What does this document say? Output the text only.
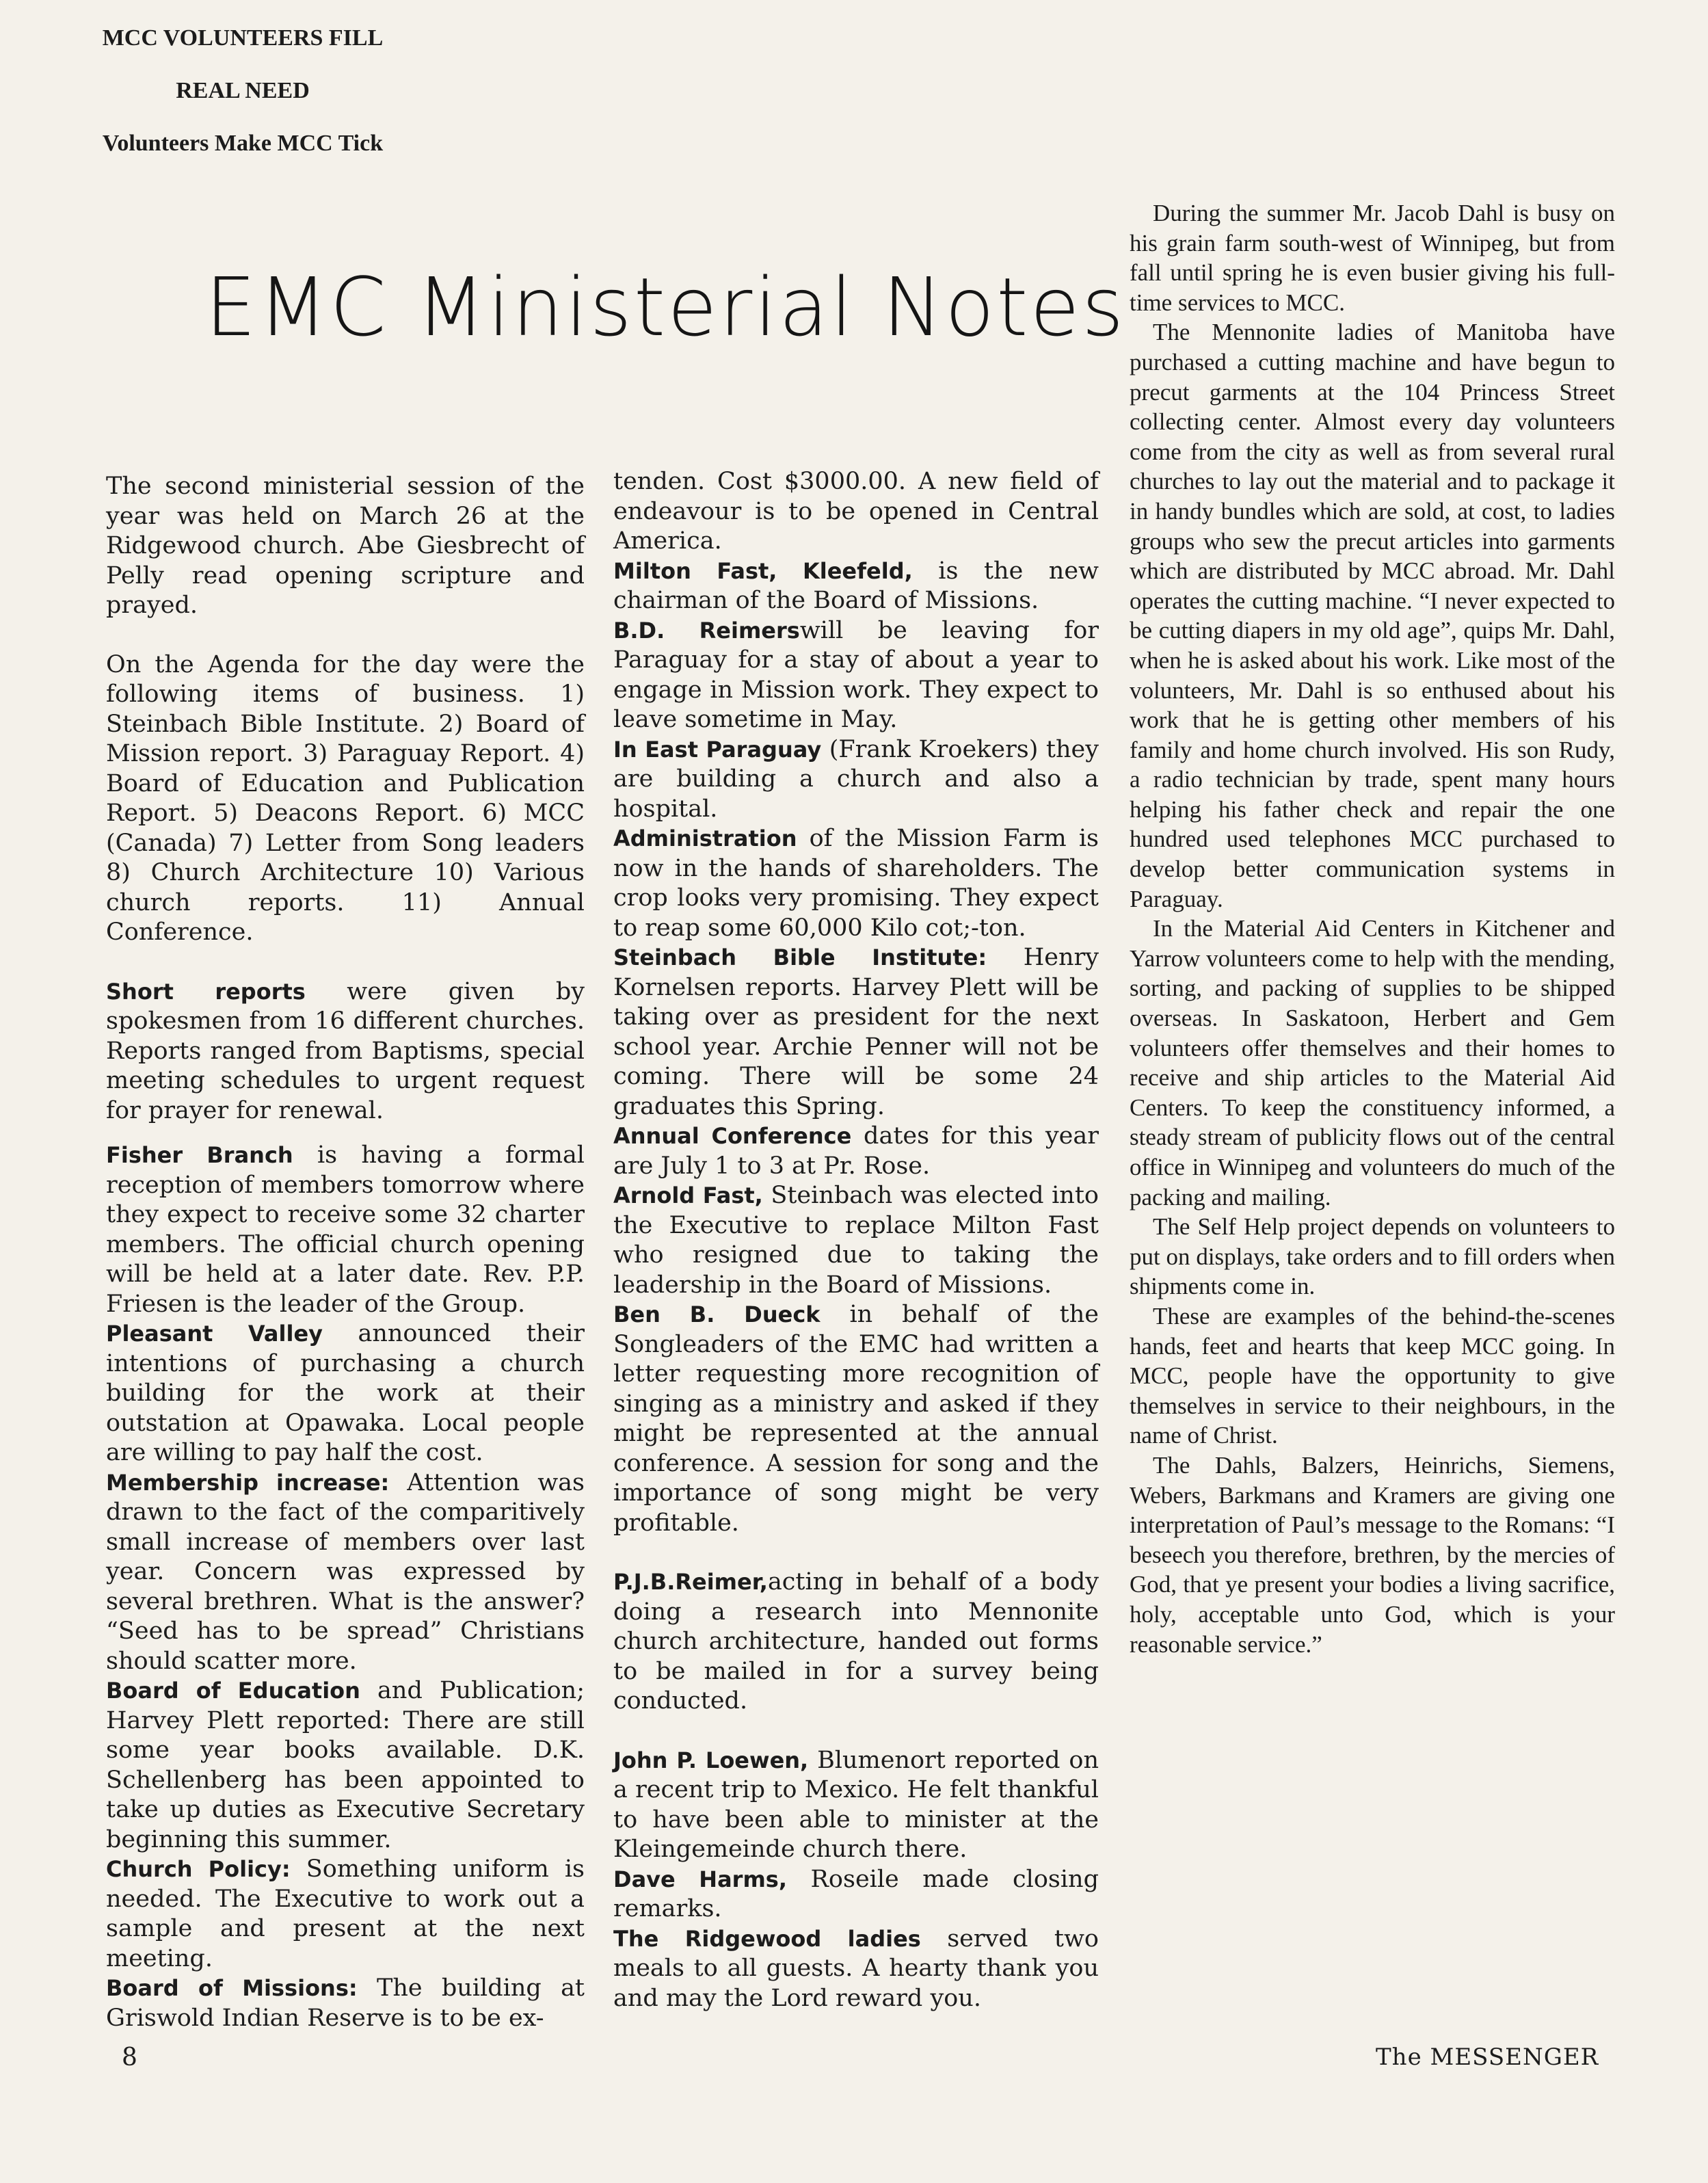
EMC Ministerial Notes

The second ministerial session of the year was held on March 26 at the Ridgewood church. Abe Giesbrecht of Pelly read opening scripture and prayed.

On the Agenda for the day were the following items of business. 1) Steinbach Bible Institute. 2) Board of Mission report. 3) Paraguay Report. 4) Board of Education and Publication Report. 5) Deacons Report. 6) MCC (Canada) 7) Letter from Song leaders 8) Church Architecture 10) Various church reports. 11) Annual Conference.

Short reports were given by spokesmen from 16 different churches. Reports ranged from Baptisms, special meeting schedules to urgent request for prayer for renewal.

Fisher Branch is having a formal reception of members tomorrow where they expect to receive some 32 charter members. The official church opening will be held at a later date. Rev. P.P. Friesen is the leader of the Group.

Pleasant Valley announced their intentions of purchasing a church building for the work at their outstation at Opawaka. Local people are willing to pay half the cost.

Membership increase: Attention was drawn to the fact of the comparitively small increase of members over last year. Concern was expressed by several brethren. What is the answer? “Seed has to be spread” Christians should scatter more.

Board of Education and Publication; Harvey Plett reported: There are still some year books available. D.K. Schellenberg has been appointed to take up duties as Executive Secretary beginning this summer.

Church Policy: Something uniform is needed. The Executive to work out a sample and present at the next meeting.

Board of Missions: The building at Griswold Indian Reserve is to be ex-

tenden. Cost $3000.00. A new field of endeavour is to be opened in Central America.

Milton Fast, Kleefeld, is the new chairman of the Board of Missions.

B.D. Reimerswill be leaving for Paraguay for a stay of about a year to engage in Mission work. They expect to leave sometime in May.

In East Paraguay (Frank Kroekers) they are building a church and also a hospital.

Administration of the Mission Farm is now in the hands of shareholders. The crop looks very promising. They expect to reap some 60,000 Kilo cot;-ton.

Steinbach Bible Institute: Henry Kornelsen reports. Harvey Plett will be taking over as president for the next school year. Archie Penner will not be coming. There will be some 24 graduates this Spring.

Annual Conference dates for this year are July 1 to 3 at Pr. Rose.

Arnold Fast, Steinbach was elected into the Executive to replace Milton Fast who resigned due to taking the leadership in the Board of Missions.

Ben B. Dueck in behalf of the Songleaders of the EMC had written a letter requesting more recognition of singing as a ministry and asked if they might be represented at the annual conference. A session for song and the importance of song might be very profitable.

P.J.B.Reimer,acting in behalf of a body doing a research into Mennonite church architecture, handed out forms to be mailed in for a survey being conducted.

John P. Loewen, Blumenort reported on a recent trip to Mexico. He felt thankful to have been able to minister at the Kleingemeinde church there.

Dave Harms, Roseile made closing remarks.

The Ridgewood ladies served two meals to all guests. A hearty thank you and may the Lord reward you.

MCC VOLUNTEERS FILL

REAL NEED

Volunteers Make MCC Tick

During the summer Mr. Jacob Dahl is busy on his grain farm south-west of Winnipeg, but from fall until spring he is even busier giving his full-time services to MCC.

The Mennonite ladies of Manitoba have purchased a cutting machine and have begun to precut garments at the 104 Princess Street collecting center. Almost every day volunteers come from the city as well as from several rural churches to lay out the material and to package it in handy bundles which are sold, at cost, to ladies groups who sew the precut articles into garments which are distributed by MCC abroad. Mr. Dahl operates the cutting machine. “I never expected to be cutting diapers in my old age”, quips Mr. Dahl, when he is asked about his work. Like most of the volunteers, Mr. Dahl is so enthused about his work that he is getting other members of his family and home church involved. His son Rudy, a radio technician by trade, spent many hours helping his father check and repair the one hundred used telephones MCC purchased to develop better communication systems in Paraguay.

In the Material Aid Centers in Kitchener and Yarrow volunteers come to help with the mending, sorting, and packing of supplies to be shipped overseas. In Saskatoon, Herbert and Gem volunteers offer themselves and their homes to receive and ship articles to the Material Aid Centers. To keep the constituency informed, a steady stream of publicity flows out of the central office in Winnipeg and volunteers do much of the packing and mailing.

The Self Help project depends on volunteers to put on displays, take orders and to fill orders when shipments come in.

These are examples of the behind-the-scenes hands, feet and hearts that keep MCC going. In MCC, people have the opportunity to give themselves in service to their neighbours, in the name of Christ.

The Dahls, Balzers, Heinrichs, Siemens, Webers, Barkmans and Kramers are giving one interpretation of Paul’s message to the Romans: “I beseech you therefore, brethren, by the mercies of God, that ye present your bodies a living sacrifice, holy, acceptable unto God, which is your reasonable service.”

8	The MESSENGER
